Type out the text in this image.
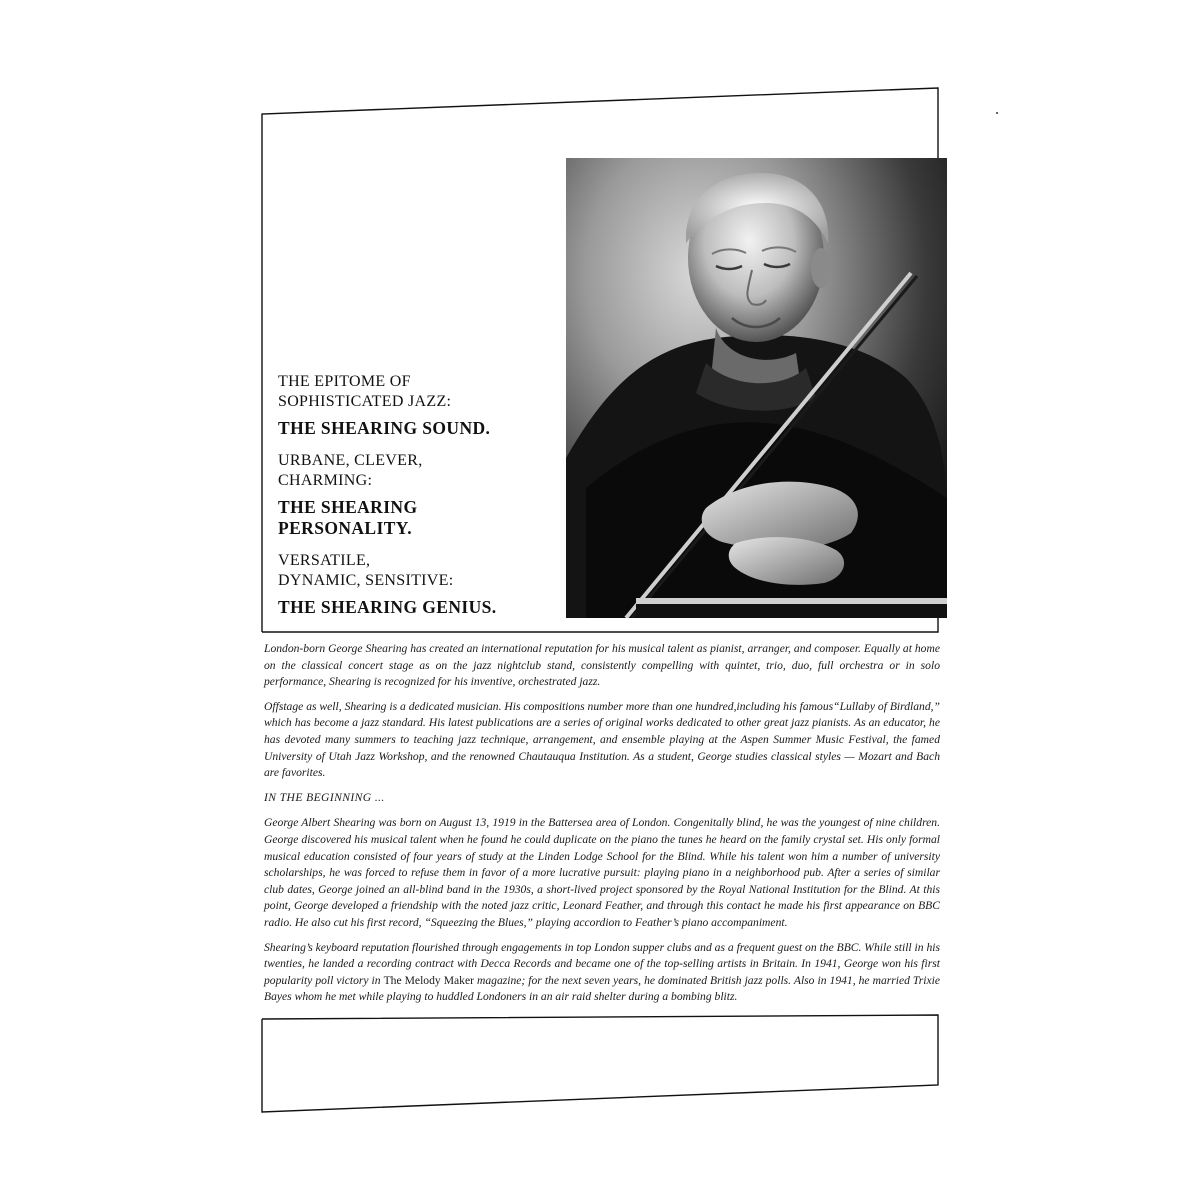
THE EPITOME OF

SOPHISTICATED JAZZ:

THE SHEARING SOUND.

URBANE, CLEVER,

CHARMING:

THE SHEARING

PERSONALITY.

VERSATILE,

DYNAMIC, SENSITIVE:

THE SHEARING GENIUS.

London-born George Shearing has created an international reputation for his musical talent as pianist, arranger, and composer. Equally at home on the classical concert stage as on the jazz nightclub stand, consistently compelling with quintet, trio, duo, full orchestra or in solo performance, Shearing is recognized for his inventive, orchestrated jazz.

Offstage as well, Shearing is a dedicated musician. His compositions number more than one hundred,including his famous“Lullaby of Birdland,” which has become a jazz standard. His latest publications are a series of original works dedicated to other great jazz pianists. As an educator, he has devoted many summers to teaching jazz technique, arrangement, and ensemble playing at the Aspen Summer Music Festival, the famed University of Utah Jazz Workshop, and the renowned Chautauqua Institution. As a student, George studies classical styles — Mozart and Bach are favorites.

IN THE BEGINNING ...

George Albert Shearing was born on August 13, 1919 in the Battersea area of London. Congenitally blind, he was the youngest of nine children. George discovered his musical talent when he found he could duplicate on the piano the tunes he heard on the family crystal set. His only formal musical education consisted of four years of study at the Linden Lodge School for the Blind. While his talent won him a number of university scholarships, he was forced to refuse them in favor of a more lucrative pursuit: playing piano in a neighborhood pub. After a series of similar club dates, George joined an all-blind band in the 1930s, a short-lived project sponsored by the Royal National Institution for the Blind. At this point, George developed a friendship with the noted jazz critic, Leonard Feather, and through this contact he made his first appearance on BBC radio. He also cut his first record, “Squeezing the Blues,” playing accordion to Feather’s piano accompaniment.

Shearing’s keyboard reputation flourished through engagements in top London supper clubs and as a frequent guest on the BBC. While still in his twenties, he landed a recording contract with Decca Records and became one of the top-selling artists in Britain. In 1941, George won his first popularity poll victory in The Melody Maker magazine; for the next seven years, he dominated British jazz polls. Also in 1941, he married Trixie Bayes whom he met while playing to huddled Londoners in an air raid shelter during a bombing blitz.
